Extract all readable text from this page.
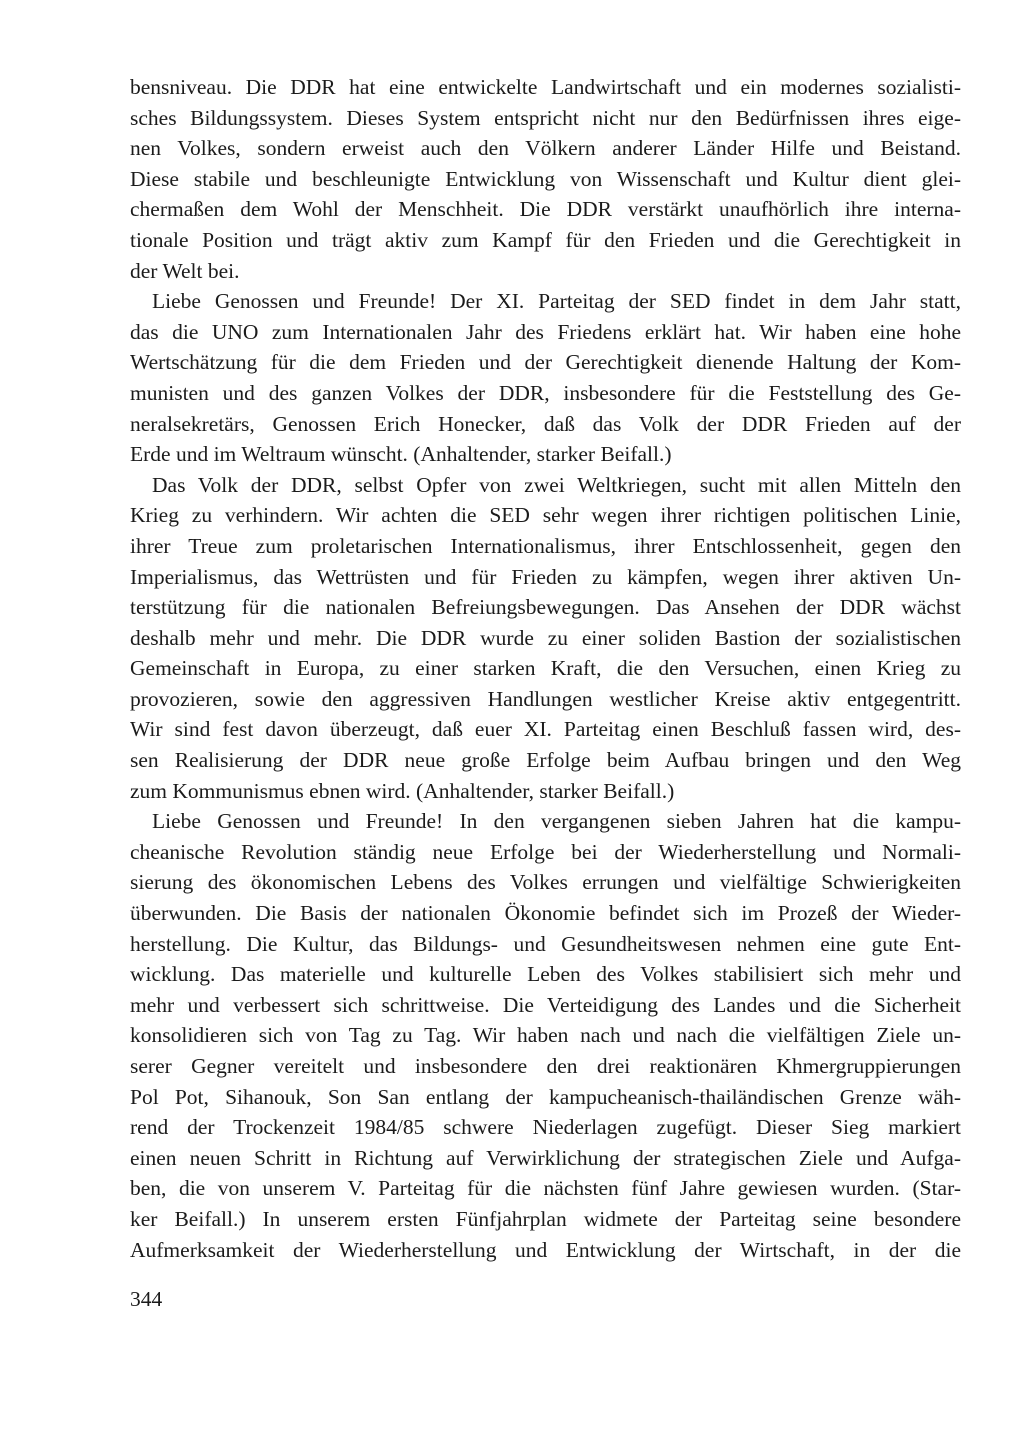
bensniveau. Die DDR hat eine entwickelte Landwirtschaft und ein modernes sozialisti-
sches Bildungssystem. Dieses System entspricht nicht nur den Bedürfnissen ihres eige-
nen Volkes, sondern erweist auch den Völkern anderer Länder Hilfe und Beistand.
Diese stabile und beschleunigte Entwicklung von Wissenschaft und Kultur dient glei-
chermaßen dem Wohl der Menschheit. Die DDR verstärkt unaufhörlich ihre interna-
tionale Position und trägt aktiv zum Kampf für den Frieden und die Gerechtigkeit in
der Welt bei.
Liebe Genossen und Freunde! Der XI. Parteitag der SED findet in dem Jahr statt,
das die UNO zum Internationalen Jahr des Friedens erklärt hat. Wir haben eine hohe
Wertschätzung für die dem Frieden und der Gerechtigkeit dienende Haltung der Kom-
munisten und des ganzen Volkes der DDR, insbesondere für die Feststellung des Ge-
neralsekretärs, Genossen Erich Honecker, daß das Volk der DDR Frieden auf der
Erde und im Weltraum wünscht. (Anhaltender, starker Beifall.)
Das Volk der DDR, selbst Opfer von zwei Weltkriegen, sucht mit allen Mitteln den
Krieg zu verhindern. Wir achten die SED sehr wegen ihrer richtigen politischen Linie,
ihrer Treue zum proletarischen Internationalismus, ihrer Entschlossenheit, gegen den
Imperialismus, das Wettrüsten und für Frieden zu kämpfen, wegen ihrer aktiven Un-
terstützung für die nationalen Befreiungsbewegungen. Das Ansehen der DDR wächst
deshalb mehr und mehr. Die DDR wurde zu einer soliden Bastion der sozialistischen
Gemeinschaft in Europa, zu einer starken Kraft, die den Versuchen, einen Krieg zu
provozieren, sowie den aggressiven Handlungen westlicher Kreise aktiv entgegentritt.
Wir sind fest davon überzeugt, daß euer XI. Parteitag einen Beschluß fassen wird, des-
sen Realisierung der DDR neue große Erfolge beim Aufbau bringen und den Weg
zum Kommunismus ebnen wird. (Anhaltender, starker Beifall.)
Liebe Genossen und Freunde! In den vergangenen sieben Jahren hat die kampu-
cheanische Revolution ständig neue Erfolge bei der Wiederherstellung und Normali-
sierung des ökonomischen Lebens des Volkes errungen und vielfältige Schwierigkeiten
überwunden. Die Basis der nationalen Ökonomie befindet sich im Prozeß der Wieder-
herstellung. Die Kultur, das Bildungs- und Gesundheitswesen nehmen eine gute Ent-
wicklung. Das materielle und kulturelle Leben des Volkes stabilisiert sich mehr und
mehr und verbessert sich schrittweise. Die Verteidigung des Landes und die Sicherheit
konsolidieren sich von Tag zu Tag. Wir haben nach und nach die vielfältigen Ziele un-
serer Gegner vereitelt und insbesondere den drei reaktionären Khmergruppierungen
Pol Pot, Sihanouk, Son San entlang der kampucheanisch-thailändischen Grenze wäh-
rend der Trockenzeit 1984/85 schwere Niederlagen zugefügt. Dieser Sieg markiert
einen neuen Schritt in Richtung auf Verwirklichung der strategischen Ziele und Aufga-
ben, die von unserem V. Parteitag für die nächsten fünf Jahre gewiesen wurden. (Star-
ker Beifall.) In unserem ersten Fünfjahrplan widmete der Parteitag seine besondere
Aufmerksamkeit der Wiederherstellung und Entwicklung der Wirtschaft, in der die
344
